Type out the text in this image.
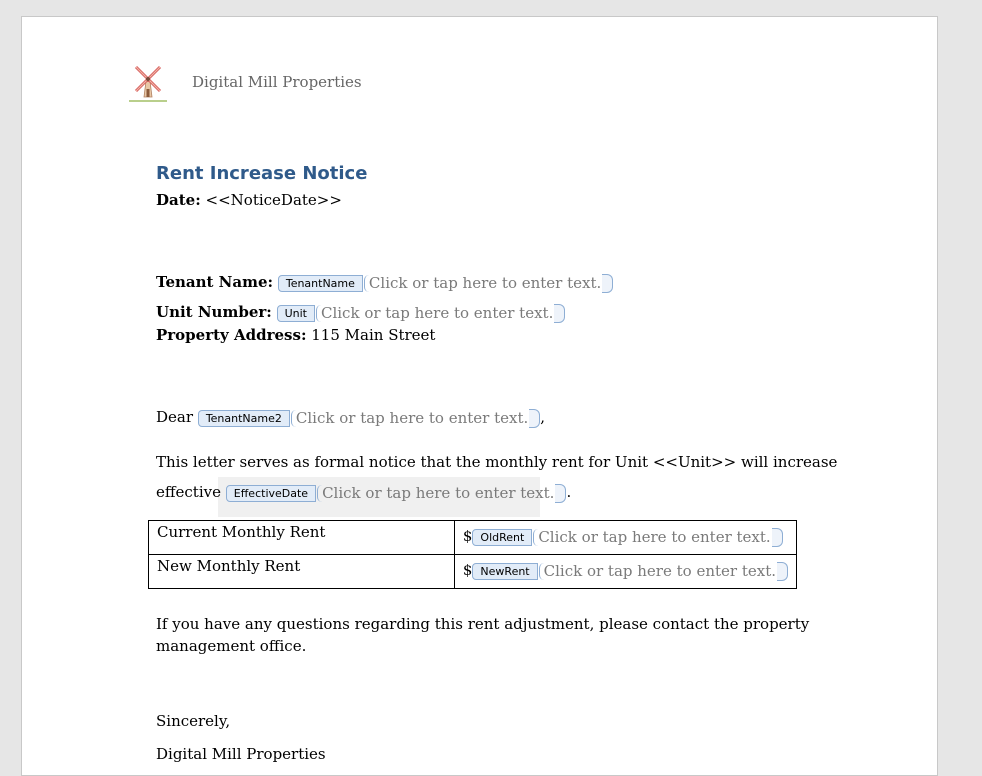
Digital Mill Properties
Rent Increase Notice
Date: <<NoticeDate>>
Tenant Name:	TenantName Click or tap here to enter text.
Unit Number:	Unit Click or tap here to enter text.
Property Address: 115 Main Street
Dear	TenantName2 Click or tap here to enter text. ,
This letter serves as formal notice that the monthly rent for Unit <<Unit>> will increase
effective	EffectiveDate Click or tap here to enter text. .
Current Monthly Rent	$ OldRent Click or tap here to enter text.

New Monthly Rent	$ NewRent Click or tap here to enter text.
If you have any questions regarding this rent adjustment, please contact the property
management office.
Sincerely,
Digital Mill Properties
